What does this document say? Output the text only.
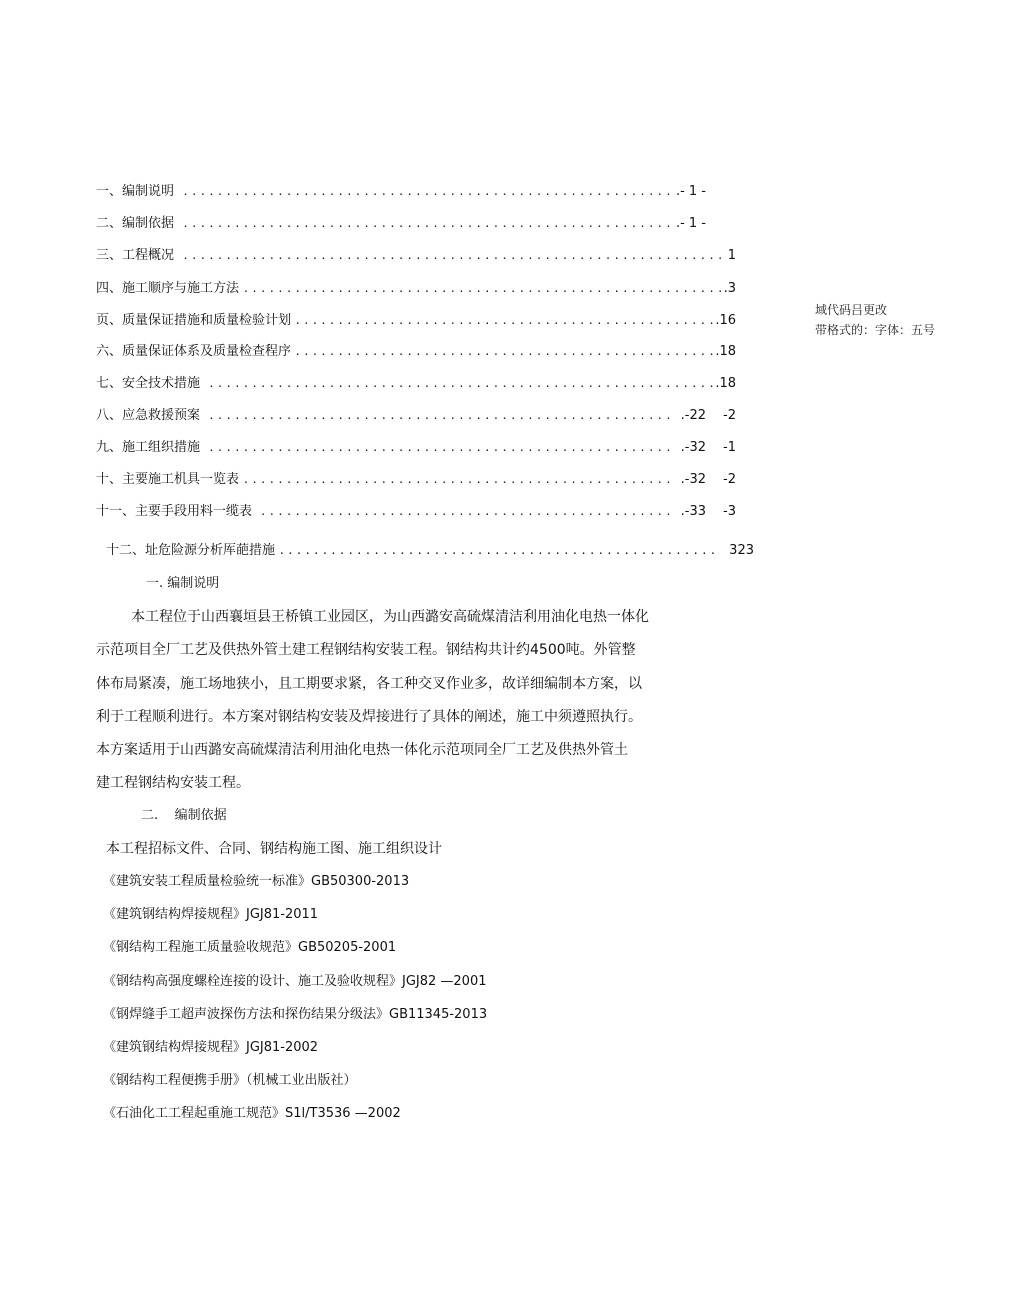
.....
一、编制说明	.- 1 -
.....
二、编制依据	.- 1 -
.....
三、工程概况	1
.....
四、施工顺序与施工方法	.3
.....
页、质量保证措施和质量检验计划	.16
.....
六、质量保证体系及质量检查程序	.18
.....
七、安全技术措施	.18
.....
八、应急救援预案	.-22 -2
.....
九、施工组织措施	.-32 -1
.....
十、主要施工机具一览表	.-32 -2
.....
十一、主要手段用料一缆表	.-33 -3
.....
十二、址危险源分析厍葩措施	323
域代码吕更改
带格式的：字体：五号
一. 编制说明
本工程位于山西襄垣县王桥镇工业园区，为山西潞安高硫煤清洁利用油化电热一体化
示范项目全厂工艺及供热外管土建工程钢结构安装工程。钢结构共计约4500吨。外管整
体布局紧凑，施工场地狭小，且工期要求紧，各工种交叉作业多，故详细编制本方案，以
利于工程顺利进行。本方案对钢结构安装及焊接进行了具体的阐述，施工中须遵照执行。
本方案适用于山西潞安高硫煤清洁利用油化电热一体化示范项同全厂工艺及供热外管土
建工程钢结构安装工程。
二.    编制依据
本工程招标文件、合同、钢结构施工图、施工组织设计
《建筑安装工程质量检验统一标准》GB50300-2013
《建筑钢结构焊接规程》JGJ81-2011
《钢结构工程施工质量验收规范》GB50205-2001
《钢结构高强度螺栓连接的设计、施工及验收规程》JGJ82 —2001
《钢焊缝手工超声波探伤方法和探伤结果分级法》GB11345-2013
《建筑钢结构焊接规程》JGJ81-2002
《钢结构工程便携手册》（机械工业出版社）
《石油化工工程起重施工规范》S1l/T3536 —2002
